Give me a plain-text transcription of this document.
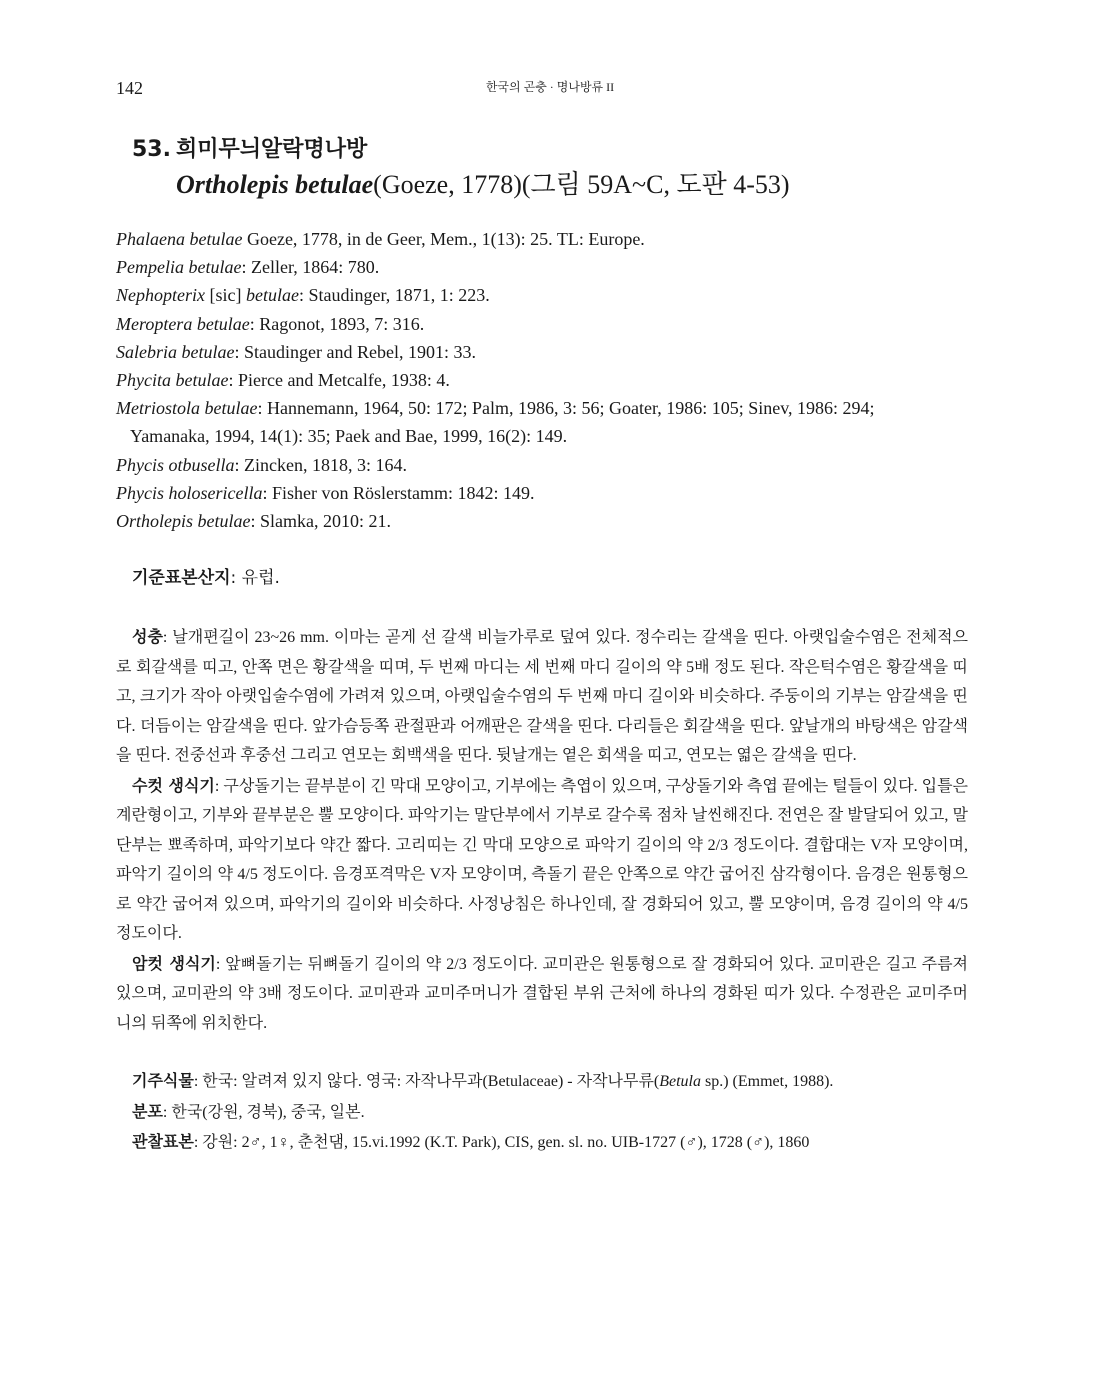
142	한국의 곤충 · 명나방류 II
53. 희미무늬알락명나방
Ortholepis betulae(Goeze, 1778)(그림 59A~C, 도판 4-53)
Phalaena betulae Goeze, 1778, in de Geer, Mem., 1(13): 25. TL: Europe.
Pempelia betulae: Zeller, 1864: 780.
Nephopterix [sic] betulae: Staudinger, 1871, 1: 223.
Meroptera betulae: Ragonot, 1893, 7: 316.
Salebria betulae: Staudinger and Rebel, 1901: 33.
Phycita betulae: Pierce and Metcalfe, 1938: 4.
Metriostola betulae: Hannemann, 1964, 50: 172; Palm, 1986, 3: 56; Goater, 1986: 105; Sinev, 1986: 294;
Yamanaka, 1994, 14(1): 35; Paek and Bae, 1999, 16(2): 149.
Phycis otbusella: Zincken, 1818, 3: 164.
Phycis holosericella: Fisher von Röslerstamm: 1842: 149.
Ortholepis betulae: Slamka, 2010: 21.
기준표본산지: 유럽.

성충: 날개편길이 23~26 mm. 이마는 곧게 선 갈색 비늘가루로 덮여 있다. 정수리는 갈색을 띤다. 아랫입술수염은 전체적으로 회갈색를 띠고, 안쪽 면은 황갈색을 띠며, 두 번째 마디는 세 번째 마디 길이의 약 5배 정도 된다. 작은턱수염은 황갈색을 띠고, 크기가 작아 아랫입술수염에 가려져 있으며, 아랫입술수염의 두 번째 마디 길이와 비슷하다. 주둥이의 기부는 암갈색을 띤다. 더듬이는 암갈색을 띤다. 앞가슴등쪽 관절판과 어깨판은 갈색을 띤다. 다리들은 회갈색을 띤다. 앞날개의 바탕색은 암갈색을 띤다. 전중선과 후중선 그리고 연모는 회백색을 띤다. 뒷날개는 옅은 회색을 띠고, 연모는 엷은 갈색을 띤다.

수컷 생식기: 구상돌기는 끝부분이 긴 막대 모양이고, 기부에는 측엽이 있으며, 구상돌기와 측엽 끝에는 털들이 있다. 입틀은 계란형이고, 기부와 끝부분은 뿔 모양이다. 파악기는 말단부에서 기부로 갈수록 점차 날씬해진다. 전연은 잘 발달되어 있고, 말단부는 뾰족하며, 파악기보다 약간 짧다. 고리띠는 긴 막대 모양으로 파악기 길이의 약 2/3 정도이다. 결합대는 V자 모양이며, 파악기 길이의 약 4/5 정도이다. 음경포격막은 V자 모양이며, 측돌기 끝은 안쪽으로 약간 굽어진 삼각형이다. 음경은 원통형으로 약간 굽어져 있으며, 파악기의 길이와 비슷하다. 사정낭침은 하나인데, 잘 경화되어 있고, 뿔 모양이며, 음경 길이의 약 4/5 정도이다.

암컷 생식기: 앞뼈돌기는 뒤뼈돌기 길이의 약 2/3 정도이다. 교미관은 원통형으로 잘 경화되어 있다. 교미관은 길고 주름져 있으며, 교미관의 약 3배 정도이다. 교미관과 교미주머니가 결합된 부위 근처에 하나의 경화된 띠가 있다. 수정관은 교미주머니의 뒤쪽에 위치한다.

기주식물: 한국: 알려져 있지 않다. 영국: 자작나무과(Betulaceae) - 자작나무류(Betula sp.) (Emmet, 1988).

분포: 한국(강원, 경북), 중국, 일본.

관찰표본: 강원: 2♂, 1♀, 춘천댐, 15.vi.1992 (K.T. Park), CIS, gen. sl. no. UIB-1727 (♂), 1728 (♂), 1860
